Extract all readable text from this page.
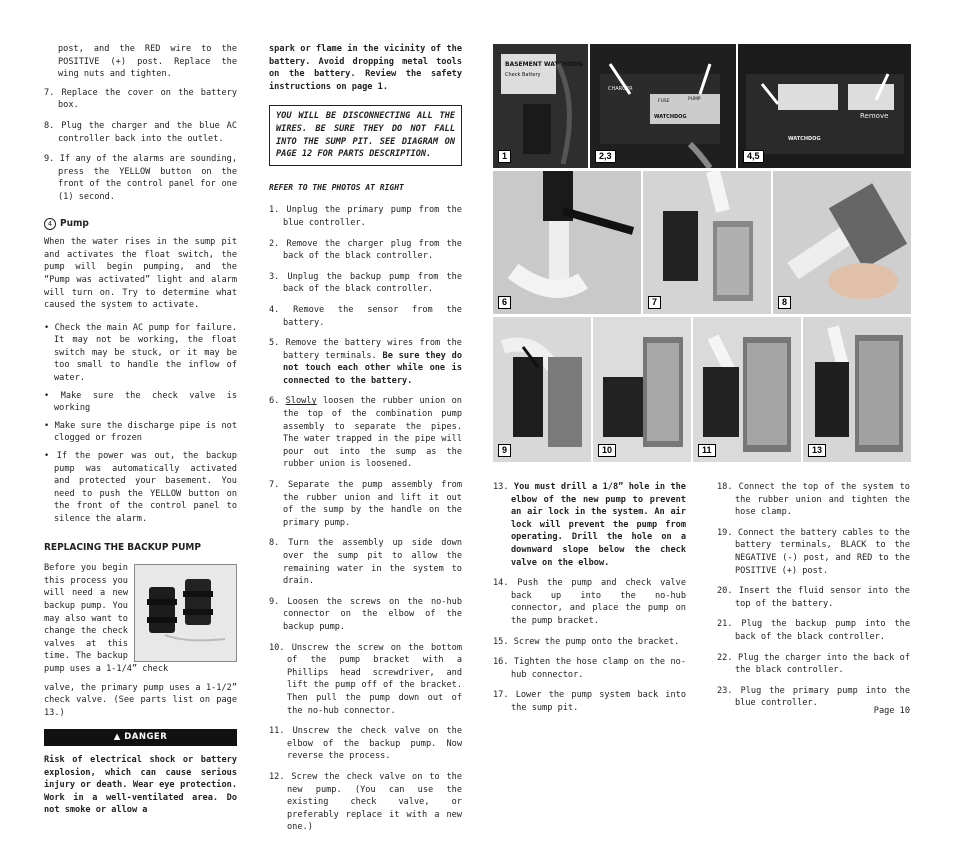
post, and the RED wire to the POSITIVE (+) post. Replace the wing nuts and tighten.
7. Replace the cover on the battery box.
8. Plug the charger and the blue AC controller back into the outlet.
9. If any of the alarms are sounding, press the YELLOW button on the front of the control panel for one (1) second.
4 Pump

When the water rises in the sump pit and activates the float switch, the pump will begin pumping, and the “Pump was activated” light and alarm will turn on. Try to determine what caused the system to activate.

• Check the main AC pump for failure. It may not be working, the float switch may be stuck, or it may be too small to handle the inflow of water.
• Make sure the check valve is working
• Make sure the discharge pipe is not clogged or frozen
• If the power was out, the backup pump was automatically activated and protected your basement. You need to push the YELLOW button on the front of the control panel to silence the alarm.
REPLACING THE BACKUP PUMP

Before you begin this process you will need a new backup pump. You may also want to change the check valves at this time. The backup pump uses a 1-1/4” check

valve, the primary pump uses a 1-1/2” check valve. (See parts list on page 13.)

▲ DANGER

Risk of electrical shock or battery explosion, which can cause serious injury or death. Wear eye protection. Work in a well-ventilated area. Do not smoke or allow a

spark or flame in the vicinity of the battery. Avoid dropping metal tools on the battery. Review the safety instructions on page 1.

YOU WILL BE DISCONNECTING ALL THE WIRES. BE SURE THEY DO NOT FALL INTO THE SUMP PIT. SEE DIAGRAM ON PAGE 12 FOR PARTS DESCRIPTION.
REFER TO THE PHOTOS AT RIGHT
1. Unplug the primary pump from the blue controller.
2. Remove the charger plug from the back of the black controller.
3. Unplug the backup pump from the back of the black controller.
4. Remove the sensor from the battery.
5. Remove the battery wires from the battery terminals. Be sure they do not touch each other while one is connected to the battery.
6. Slowly loosen the rubber union on the top of the combination pump assembly to separate the pipes. The water trapped in the pipe will pour out into the sump as the rubber union is loosened.
7. Separate the pump assembly from the rubber union and lift it out of the sump by the handle on the primary pump.
8. Turn the assembly up side down over the sump pit to allow the remaining water in the system to drain.
9. Loosen the screws on the no-hub connector on the elbow of the backup pump.
10. Unscrew the screw on the bottom of the pump bracket with a Phillips head screwdriver, and lift the pump off of the bracket. Then pull the pump down out of the no-hub connector.
11. Unscrew the check valve on the elbow of the backup pump. Now reverse the process.
12. Screw the check valve on to the new pump. (You can use the existing check valve, or preferably replace it with a new one.)
BASEMENT WATCHDOG
Check Battery
1
CHARGER
FUSE	PUMP
WATCHDOG
2,3
Remove
WATCHDOG
4,5
6	7	8
9	10	11	13
13. You must drill a 1/8” hole in the elbow of the new pump to prevent an air lock in the system. An air lock will prevent the pump from operating. Drill the hole on a downward slope below the check valve on the elbow.
14. Push the pump and check valve back up into the no-hub connector, and place the pump on the pump bracket.
15. Screw the pump onto the bracket.
16. Tighten the hose clamp on the no-hub connector.
17. Lower the pump system back into the sump pit.
18. Connect the top of the system to the rubber union and tighten the hose clamp.
19. Connect the battery cables to the battery terminals, BLACK to the NEGATIVE (-) post, and RED to the POSITIVE (+) post.
20. Insert the fluid sensor into the top of the battery.
21. Plug the backup pump into the back of the black controller.
22. Plug the charger into the back of the black controller.
23. Plug the primary pump into the blue controller.
Page 10
